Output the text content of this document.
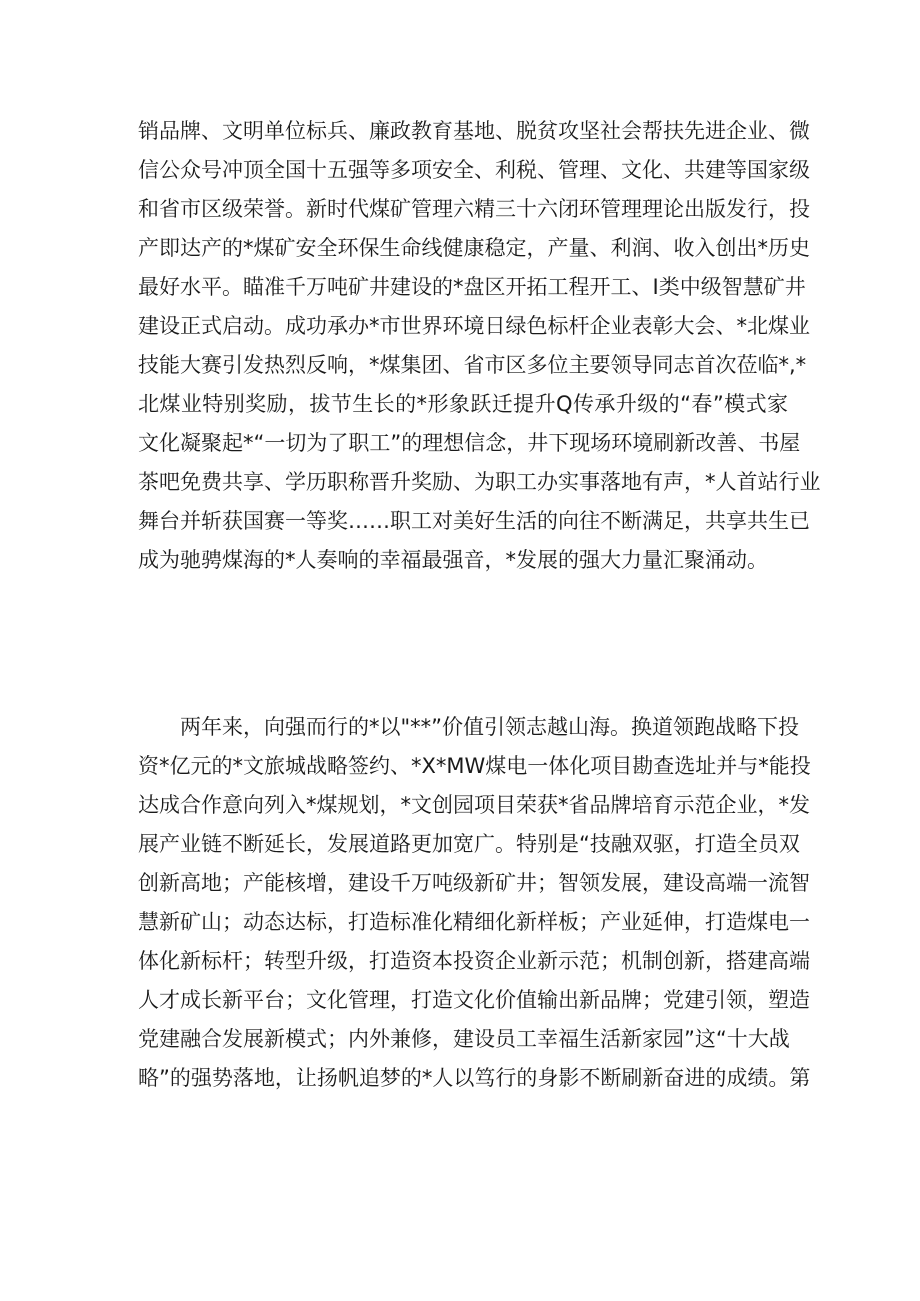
销品牌、文明单位标兵、廉政教育基地、脱贫攻坚社会帮扶先进企业、微
信公众号冲顶全国十五强等多项安全、利税、管理、文化、共建等国家级
和省市区级荣誉。新时代煤矿管理六精三十六闭环管理理论出版发行，投
产即达产的*煤矿安全环保生命线健康稳定，产量、利润、收入创出*历史
最好水平。瞄准千万吨矿井建设的*盘区开拓工程开工、I类中级智慧矿井
建设正式启动。成功承办*市世界环境日绿色标杆企业表彰大会、*北煤业
技能大赛引发热烈反响，*煤集团、省市区多位主要领导同志首次莅临*,*
北煤业特别奖励，拔节生长的*形象跃迁提升Q传承升级的“春”模式家
文化凝聚起*“一切为了职工”的理想信念，井下现场环境刷新改善、书屋
茶吧免费共享、学历职称晋升奖励、为职工办实事落地有声，*人首站行业
舞台并斩获国赛一等奖……职工对美好生活的向往不断满足，共享共生已
成为驰骋煤海的*人奏响的幸福最强音，*发展的强大力量汇聚涌动。
　　两年来，向强而行的*以"**”价值引领志越山海。换道领跑战略下投
资*亿元的*文旅城战略签约、*X*MW煤电一体化项目勘查选址并与*能投
达成合作意向列入*煤规划，*文创园项目荣获*省品牌培育示范企业，*发
展产业链不断延长，发展道路更加宽广。特别是“技融双驱，打造全员双
创新高地；产能核增，建设千万吨级新矿井；智领发展，建设高端一流智
慧新矿山；动态达标，打造标准化精细化新样板；产业延伸，打造煤电一
体化新标杆；转型升级，打造资本投资企业新示范；机制创新，搭建高端
人才成长新平台；文化管理，打造文化价值输出新品牌；党建引领，塑造
党建融合发展新模式；内外兼修，建设员工幸福生活新家园”这“十大战
略”的强势落地，让扬帆追梦的*人以笃行的身影不断刷新奋进的成绩。第
